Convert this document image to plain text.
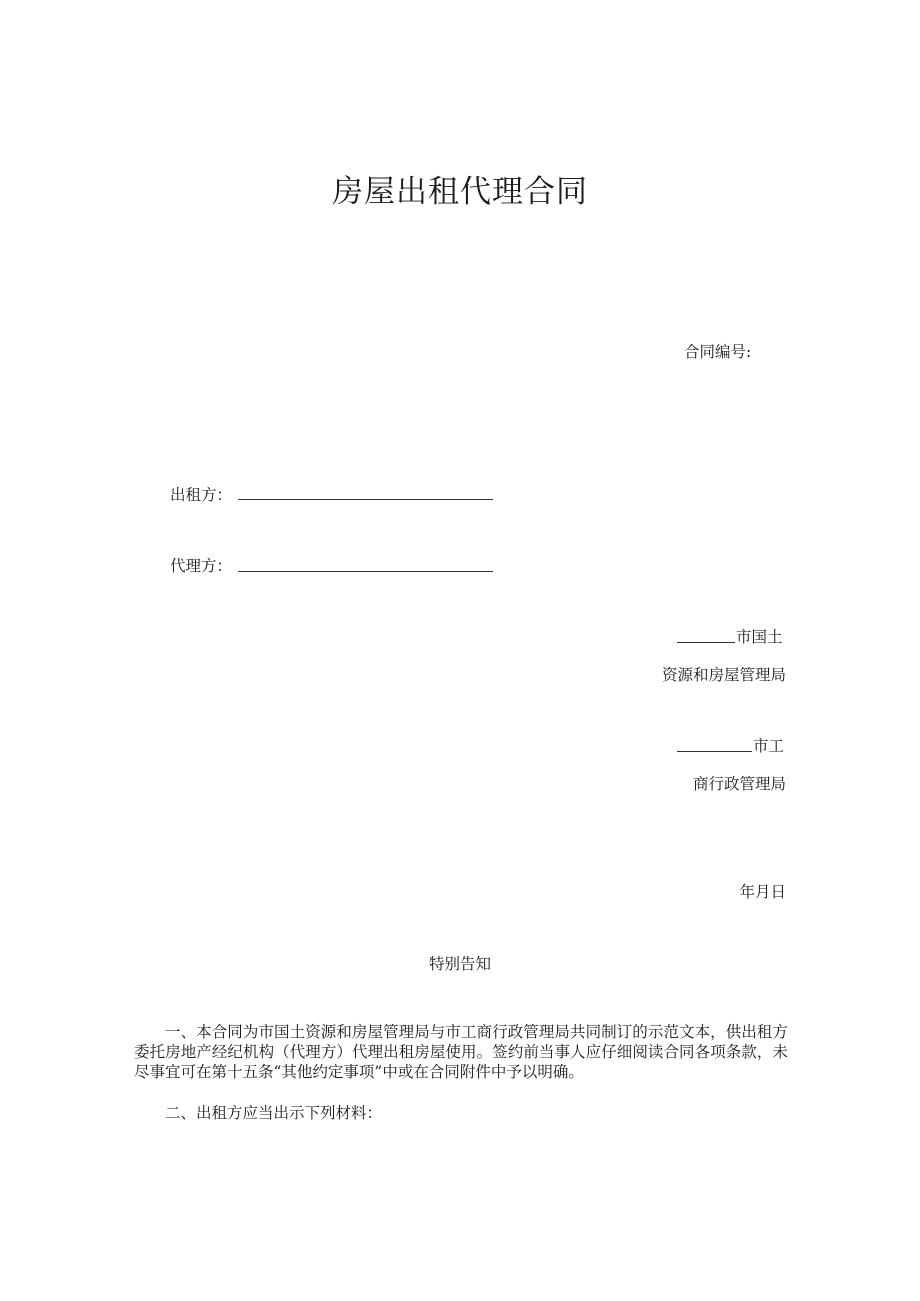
房屋出租代理合同
合同编号:
出租方：
代理方：
市国土
资源和房屋管理局
市工
商行政管理局
年月日
特别告知
一、本合同为市国土资源和房屋管理局与市工商行政管理局共同制订的示范文本，供出租方委托房地产经纪机构（代理方）代理出租房屋使用。签约前当事人应仔细阅读合同各项条款，未尽事宜可在第十五条“其他约定事项”中或在合同附件中予以明确。
二、出租方应当出示下列材料：
